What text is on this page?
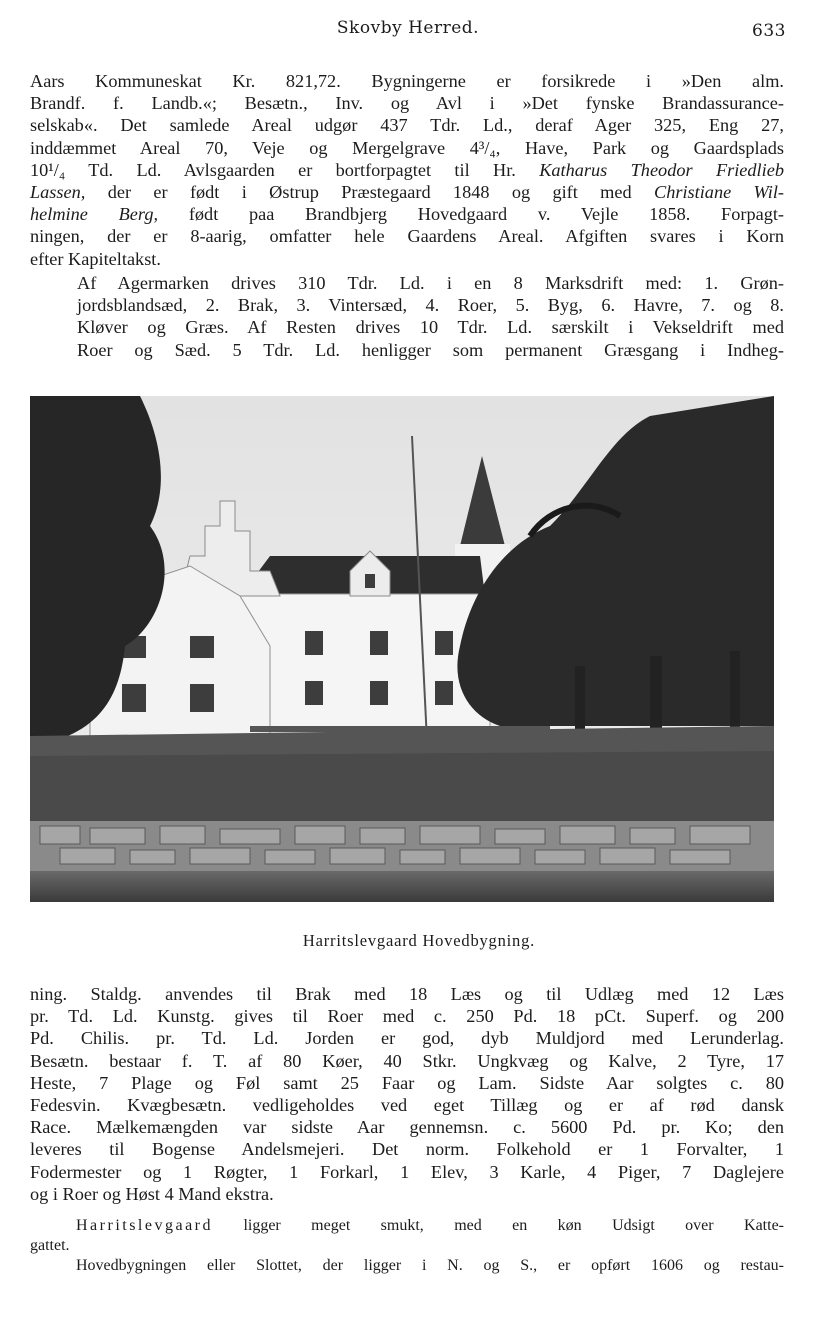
Skovby Herred.	633
Aars Kommuneskat Kr. 821,72. Bygningerne er forsikrede i »Den alm.
Brandf. f. Landb.«; Besætn., Inv. og Avl i »Det fynske Brandassurance-
selskab«. Det samlede Areal udgør 437 Tdr. Ld., deraf Ager 325, Eng 27,
inddæmmet Areal 70, Veje og Mergelgrave 4³/₄, Have, Park og Gaardsplads
10¹/₄ Td. Ld. Avlsgaarden er bortforpagtet til Hr. Katharus Theodor Friedlieb
Lassen, der er født i Østrup Præstegaard 1848 og gift med Christiane Wil-
helmine Berg, født paa Brandbjerg Hovedgaard v. Vejle 1858. Forpagt-
ningen, der er 8-aarig, omfatter hele Gaardens Areal. Afgiften svares i Korn
efter Kapiteltakst.
Af Agermarken drives 310 Tdr. Ld. i en 8 Marksdrift med: 1. Grøn-
jordsblandsæd, 2. Brak, 3. Vintersæd, 4. Roer, 5. Byg, 6. Havre, 7. og 8.
Kløver og Græs. Af Resten drives 10 Tdr. Ld. særskilt i Vekseldrift med
Roer og Sæd. 5 Tdr. Ld. henligger som permanent Græsgang i Indheg-
Harritslevgaard Hovedbygning.
ning. Staldg. anvendes til Brak med 18 Læs og til Udlæg med 12 Læs
pr. Td. Ld. Kunstg. gives til Roer med c. 250 Pd. 18 pCt. Superf. og 200
Pd. Chilis. pr. Td. Ld. Jorden er god, dyb Muldjord med Lerunderlag.
Besætn. bestaar f. T. af 80 Køer, 40 Stkr. Ungkvæg og Kalve, 2 Tyre, 17
Heste, 7 Plage og Føl samt 25 Faar og Lam. Sidste Aar solgtes c. 80
Fedesvin. Kvægbesætn. vedligeholdes ved eget Tillæg og er af rød dansk
Race. Mælkemængden var sidste Aar gennemsn. c. 5600 Pd. pr. Ko; den
leveres til Bogense Andelsmejeri. Det norm. Folkehold er 1 Forvalter, 1
Fodermester og 1 Røgter, 1 Forkarl, 1 Elev, 3 Karle, 4 Piger, 7 Daglejere
og i Roer og Høst 4 Mand ekstra.
Harritslevgaard ligger meget smukt, med en køn Udsigt over Katte-
gattet.
Hovedbygningen eller Slottet, der ligger i N. og S., er opført 1606 og restau-
